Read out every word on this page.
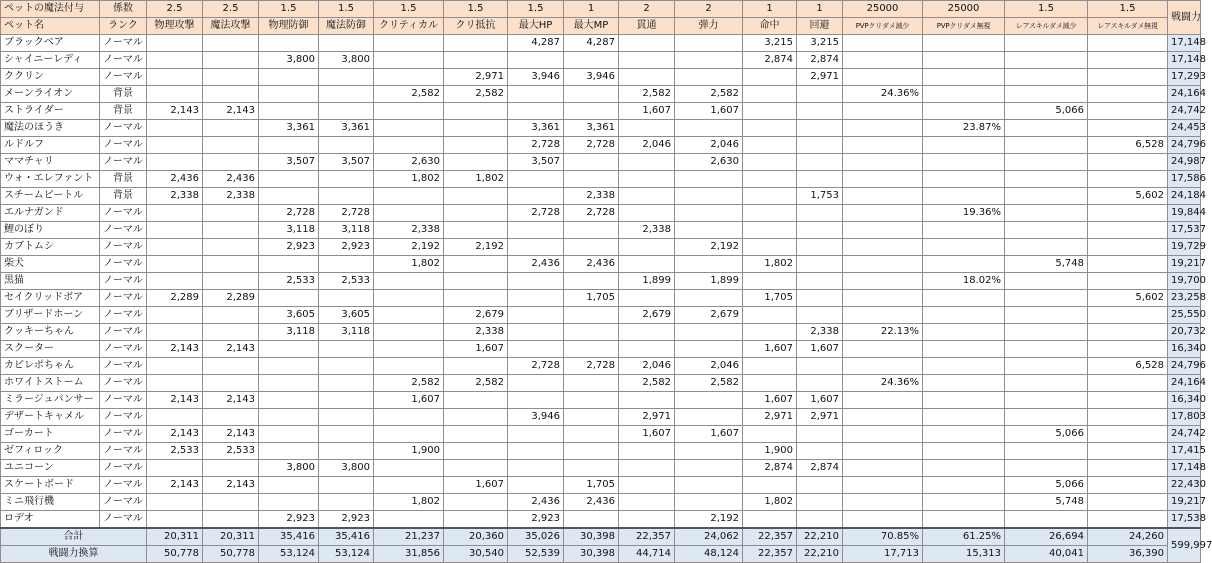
ペットの魔法付与	係数	2.5	2.5	1.5	1.5	1.5	1.5	1.5	1	2	2	1	1	25000	25000	1.5	1.5	戦闘力
ペット名	ランク	物理攻撃	魔法攻撃	物理防御	魔法防御	クリティカル	クリ抵抗	最大HP	最大MP	貫通	弾力	命中	回避	PVPクリダメ減少	PVPクリダメ無視	レアスキルダメ減少	レアスキルダメ無視	
ブラックベア	ノーマル							4,287	4,287			3,215	3,215					17,148
シャイニーレディ	ノーマル			3,800	3,800							2,874	2,874					17,148
ククリン	ノーマル						2,971	3,946	3,946				2,971					17,293
メーンライオン	背景					2,582	2,582			2,582	2,582			24.36%				24,164
ストライダー	背景	2,143	2,143							1,607	1,607					5,066		24,742
魔法のほうき	ノーマル			3,361	3,361			3,361	3,361						23.87%			24,453
ルドルフ	ノーマル							2,728	2,728	2,046	2,046						6,528	24,796
ママチャリ	ノーマル			3,507	3,507	2,630		3,507			2,630							24,987
ウォ・エレファント	背景	2,436	2,436			1,802	1,802											17,586
スチームビートル	背景	2,338	2,338						2,338				1,753				5,602	24,184
エルナガンド	ノーマル			2,728	2,728			2,728	2,728						19.36%			19,844
鯉のぼり	ノーマル			3,118	3,118	2,338				2,338								17,537
カブトムシ	ノーマル			2,923	2,923	2,192	2,192				2,192							19,729
柴犬	ノーマル					1,802		2,436	2,436			1,802				5,748		19,217
黒猫	ノーマル			2,533	2,533					1,899	1,899				18.02%			19,700
セイクリッドボア	ノーマル	2,289	2,289						1,705			1,705					5,602	23,258
ブリザードホーン	ノーマル			3,605	3,605		2,679			2,679	2,679							25,550
クッキーちゃん	ノーマル			3,118	3,118		2,338						2,338	22.13%				20,732
スクーター	ノーマル	2,143	2,143				1,607					1,607	1,607					16,340
カピレポちゃん	ノーマル							2,728	2,728	2,046	2,046						6,528	24,796
ホワイトストーム	ノーマル					2,582	2,582			2,582	2,582			24.36%				24,164
ミラージュパンサー	ノーマル	2,143	2,143			1,607						1,607	1,607					16,340
デザートキャメル	ノーマル							3,946		2,971		2,971	2,971					17,803
ゴーカート	ノーマル	2,143	2,143							1,607	1,607					5,066		24,742
ゼフィロック	ノーマル	2,533	2,533			1,900						1,900						17,415
ユニコーン	ノーマル			3,800	3,800							2,874	2,874					17,148
スケートボード	ノーマル	2,143	2,143				1,607		1,705							5,066		22,430
ミニ飛行機	ノーマル					1,802		2,436	2,436			1,802				5,748		19,217
ロデオ	ノーマル			2,923	2,923			2,923			2,192							17,538
合計		20,311	20,311	35,416	35,416	21,237	20,360	35,026	30,398	22,357	24,062	22,357	22,210	70.85%	61.25%	26,694	24,260	599,997
戦闘力換算		50,778	50,778	53,124	53,124	31,856	30,540	52,539	30,398	44,714	48,124	22,357	22,210	17,713	15,313	40,041	36,390	
